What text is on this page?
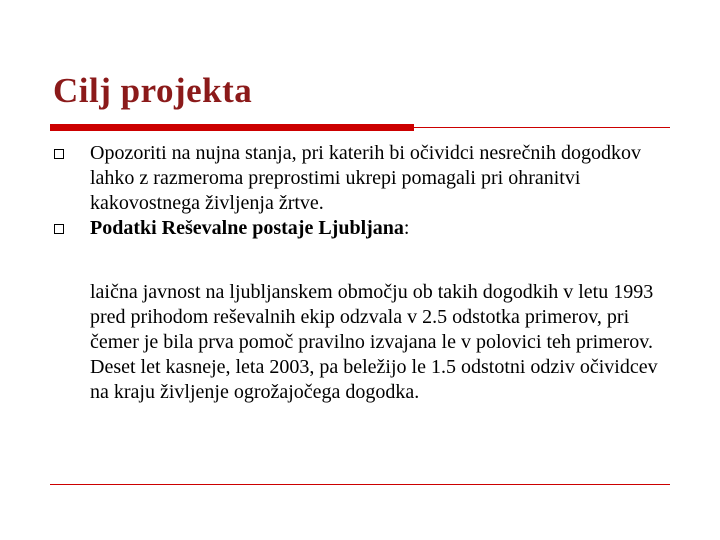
Cilj projekta
Opozoriti na nujna stanja, pri katerih bi očividci nesrečnih dogodkov lahko z razmeroma preprostimi ukrepi pomagali pri ohranitvi kakovostnega življenja žrtve.
Podatki Reševalne postaje Ljubljana:

laična javnost na ljubljanskem območju ob takih dogodkih v letu 1993 pred prihodom reševalnih ekip odzvala v 2.5 odstotka primerov, pri čemer je bila prva pomoč pravilno izvajana le v polovici teh primerov. Deset let kasneje, leta 2003, pa beležijo le 1.5 odstotni odziv očividcev na kraju življenje ogrožajočega dogodka.
